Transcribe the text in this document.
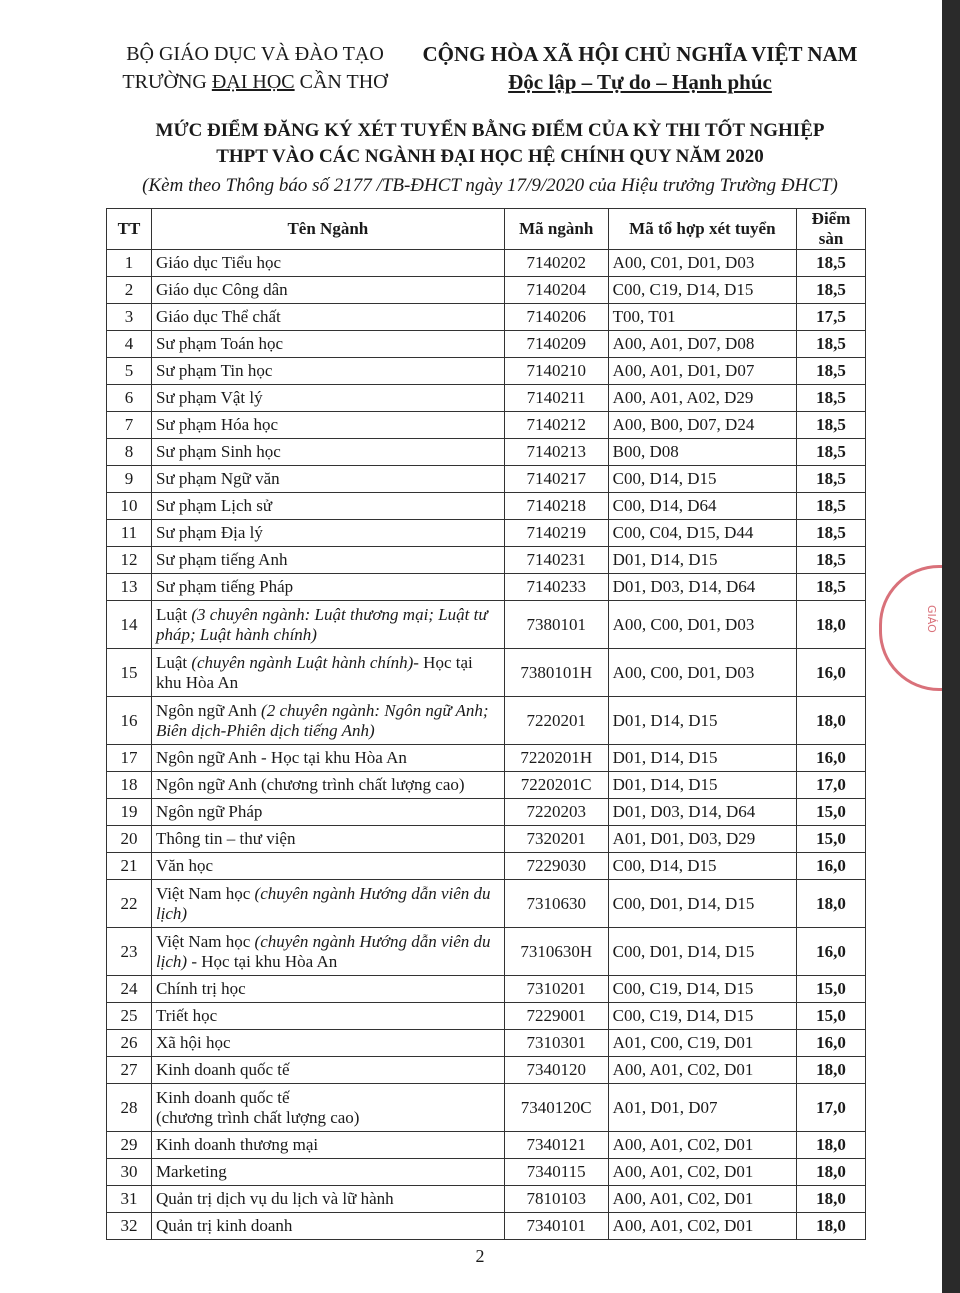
BỘ GIÁO DỤC VÀ ĐÀO TẠO
TRƯỜNG ĐẠI HỌC CẦN THƠ
CỘNG HÒA XÃ HỘI CHỦ NGHĨA VIỆT NAM
Độc lập – Tự do – Hạnh phúc
MỨC ĐIỂM ĐĂNG KÝ XÉT TUYỂN BẰNG ĐIỂM CỦA KỲ THI TỐT NGHIỆP
THPT VÀO CÁC NGÀNH ĐẠI HỌC HỆ CHÍNH QUY NĂM 2020
(Kèm theo Thông báo số 2177 /TB-ĐHCT ngày 17/9/2020 của Hiệu trưởng Trường ĐHCT)
TT	Tên Ngành	Mã ngành	Mã tổ hợp xét tuyển	Điểm sàn
1	Giáo dục Tiểu học	7140202	A00, C01, D01, D03	18,5
2	Giáo dục Công dân	7140204	C00, C19, D14, D15	18,5
3	Giáo dục Thể chất	7140206	T00, T01	17,5
4	Sư phạm Toán học	7140209	A00, A01, D07, D08	18,5
5	Sư phạm Tin học	7140210	A00, A01, D01, D07	18,5
6	Sư phạm Vật lý	7140211	A00, A01, A02, D29	18,5
7	Sư phạm Hóa học	7140212	A00, B00, D07, D24	18,5
8	Sư phạm Sinh học	7140213	B00, D08	18,5
9	Sư phạm Ngữ văn	7140217	C00, D14, D15	18,5
10	Sư phạm Lịch sử	7140218	C00, D14, D64	18,5
11	Sư phạm Địa lý	7140219	C00, C04, D15, D44	18,5
12	Sư phạm tiếng Anh	7140231	D01, D14, D15	18,5
13	Sư phạm tiếng Pháp	7140233	D01, D03, D14, D64	18,5
14	Luật (3 chuyên ngành: Luật thương mại; Luật tư pháp; Luật hành chính)	7380101	A00, C00, D01, D03	18,0
15	Luật (chuyên ngành Luật hành chính)- Học tại khu Hòa An	7380101H	A00, C00, D01, D03	16,0
16	Ngôn ngữ Anh (2 chuyên ngành: Ngôn ngữ Anh; Biên dịch-Phiên dịch tiếng Anh)	7220201	D01, D14, D15	18,0
17	Ngôn ngữ Anh - Học tại khu Hòa An	7220201H	D01, D14, D15	16,0
18	Ngôn ngữ Anh (chương trình chất lượng cao)	7220201C	D01, D14, D15	17,0
19	Ngôn ngữ Pháp	7220203	D01, D03, D14, D64	15,0
20	Thông tin – thư viện	7320201	A01, D01, D03, D29	15,0
21	Văn học	7229030	C00, D14, D15	16,0
22	Việt Nam học (chuyên ngành Hướng dẫn viên du lịch)	7310630	C00, D01, D14, D15	18,0
23	Việt Nam học (chuyên ngành Hướng dẫn viên du lịch) - Học tại khu Hòa An	7310630H	C00, D01, D14, D15	16,0
24	Chính trị học	7310201	C00, C19, D14, D15	15,0
25	Triết học	7229001	C00, C19, D14, D15	15,0
26	Xã hội học	7310301	A01, C00, C19, D01	16,0
27	Kinh doanh quốc tế	7340120	A00, A01, C02, D01	18,0
28	Kinh doanh quốc tế
(chương trình chất lượng cao)	7340120C	A01, D01, D07	17,0
29	Kinh doanh thương mại	7340121	A00, A01, C02, D01	18,0
30	Marketing	7340115	A00, A01, C02, D01	18,0
31	Quản trị dịch vụ du lịch và lữ hành	7810103	A00, A01, C02, D01	18,0
32	Quản trị kinh doanh	7340101	A00, A01, C02, D01	18,0
GIÁO
2
